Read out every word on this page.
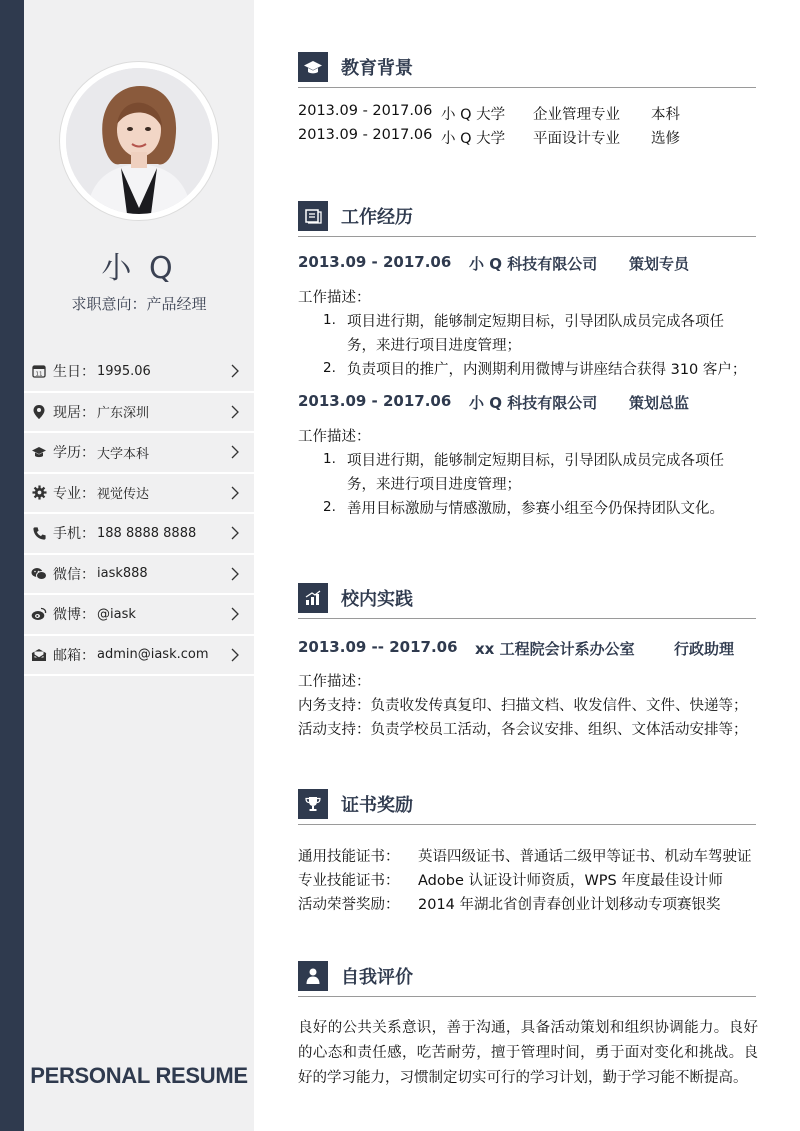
小 Q
求职意向：产品经理
11 生日： 1995.06
现居： 广东深圳
学历： 大学本科
专业： 视觉传达
手机： 188 8888 8888
微信： iask888
微博： @iask
邮箱： admin@iask.com
PERSONAL RESUME
教育背景
2013.09 - 2017.06 小 Q 大学 企业管理专业 本科
2013.09 - 2017.06 小 Q 大学 平面设计专业 选修
工作经历
2013.09 - 2017.06 小 Q 科技有限公司 策划专员
工作描述：
1. 项目进行期，能够制定短期目标，引导团队成员完成各项任
务，来进行项目进度管理；
2. 负责项目的推广，内测期利用微博与讲座结合获得 310 客户；
2013.09 - 2017.06 小 Q 科技有限公司 策划总监
工作描述：
1. 项目进行期，能够制定短期目标，引导团队成员完成各项任
务，来进行项目进度管理；
2. 善用目标激励与情感激励，参赛小组至今仍保持团队文化。
校内实践
2013.09 -- 2017.06 xx 工程院会计系办公室	行政助理
工作描述：
内务支持：负责收发传真复印、扫描文档、收发信件、文件、快递等；
活动支持：负责学校员工活动，各会议安排、组织、文体活动安排等；
证书奖励
通用技能证书： 英语四级证书、普通话二级甲等证书、机动车驾驶证
专业技能证书： Adobe 认证设计师资质，WPS 年度最佳设计师
活动荣誉奖励： 2014 年湖北省创青春创业计划移动专项赛银奖
自我评价
良好的公共关系意识，善于沟通，具备活动策划和组织协调能力。良好的心态和责任感，吃苦耐劳，擅于管理时间，勇于面对变化和挑战。良好的学习能力，习惯制定切实可行的学习计划，勤于学习能不断提高。
